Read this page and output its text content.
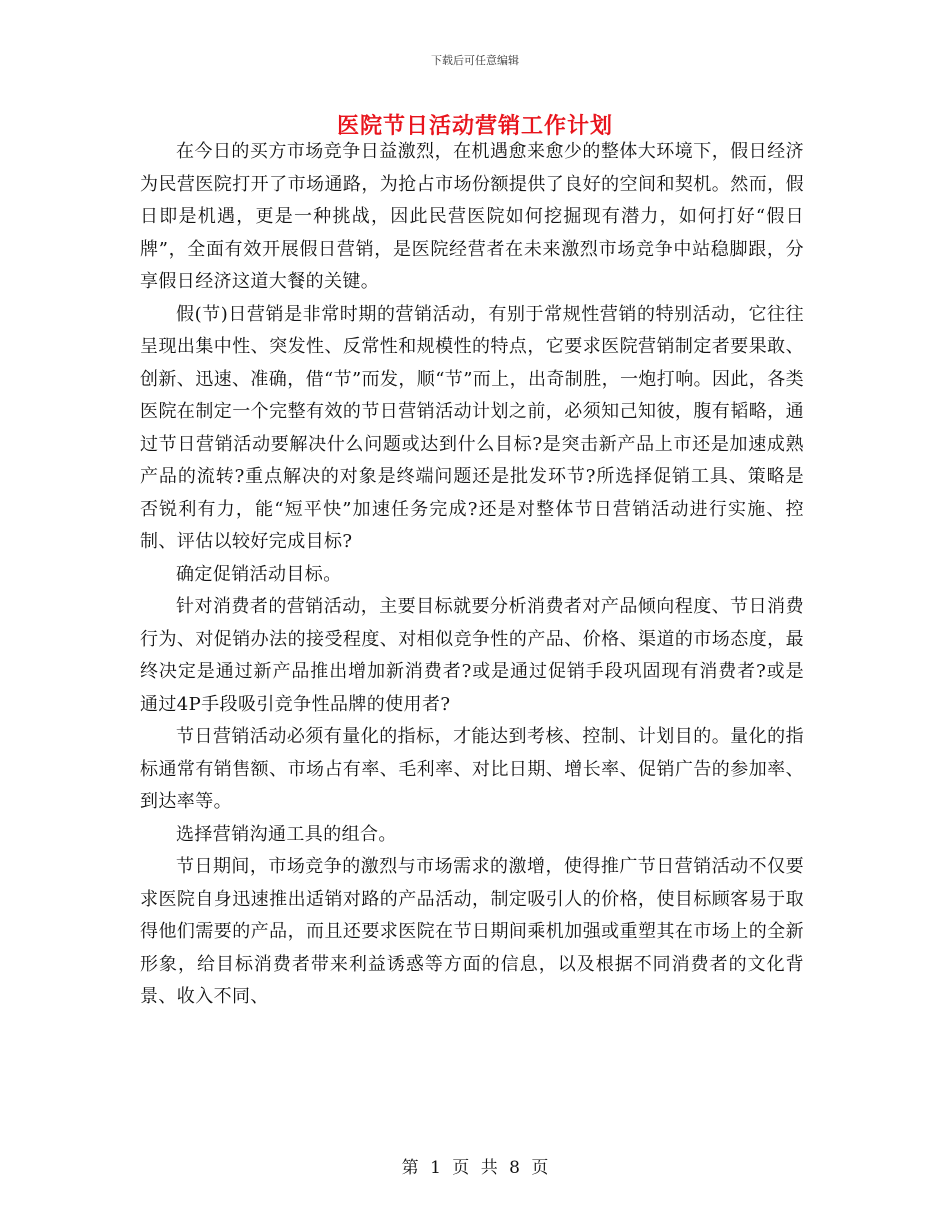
下载后可任意编辑
医院节日活动营销工作计划

在今日的买方市场竞争日益激烈，在机遇愈来愈少的整体大环境下，假日经济为民营医院打开了市场通路，为抢占市场份额提供了良好的空间和契机。然而，假日即是机遇，更是一种挑战，因此民营医院如何挖掘现有潜力，如何打好“假日牌”，全面有效开展假日营销，是医院经营者在未来激烈市场竞争中站稳脚跟，分享假日经济这道大餐的关键。

假(节)日营销是非常时期的营销活动，有别于常规性营销的特别活动，它往往呈现出集中性、突发性、反常性和规模性的特点，它要求医院营销制定者要果敢、创新、迅速、准确，借“节”而发，顺“节”而上，出奇制胜，一炮打响。因此，各类医院在制定一个完整有效的节日营销活动计划之前，必须知己知彼，腹有韬略，通过节日营销活动要解决什么问题或达到什么目标?是突击新产品上市还是加速成熟产品的流转?重点解决的对象是终端问题还是批发环节?所选择促销工具、策略是否锐利有力，能“短平快”加速任务完成?还是对整体节日营销活动进行实施、控制、评估以较好完成目标?

确定促销活动目标。

针对消费者的营销活动，主要目标就要分析消费者对产品倾向程度、节日消费行为、对促销办法的接受程度、对相似竞争性的产品、价格、渠道的市场态度，最终决定是通过新产品推出增加新消费者?或是通过促销手段巩固现有消费者?或是通过4P手段吸引竞争性品牌的使用者?

节日营销活动必须有量化的指标，才能达到考核、控制、计划目的。量化的指标通常有销售额、市场占有率、毛利率、对比日期、增长率、促销广告的参加率、到达率等。

选择营销沟通工具的组合。

节日期间，市场竞争的激烈与市场需求的激增，使得推广节日营销活动不仅要求医院自身迅速推出适销对路的产品活动，制定吸引人的价格，使目标顾客易于取得他们需要的产品，而且还要求医院在节日期间乘机加强或重塑其在市场上的全新形象，给目标消费者带来利益诱惑等方面的信息，以及根据不同消费者的文化背景、收入不同、

第 1 页 共 8 页
